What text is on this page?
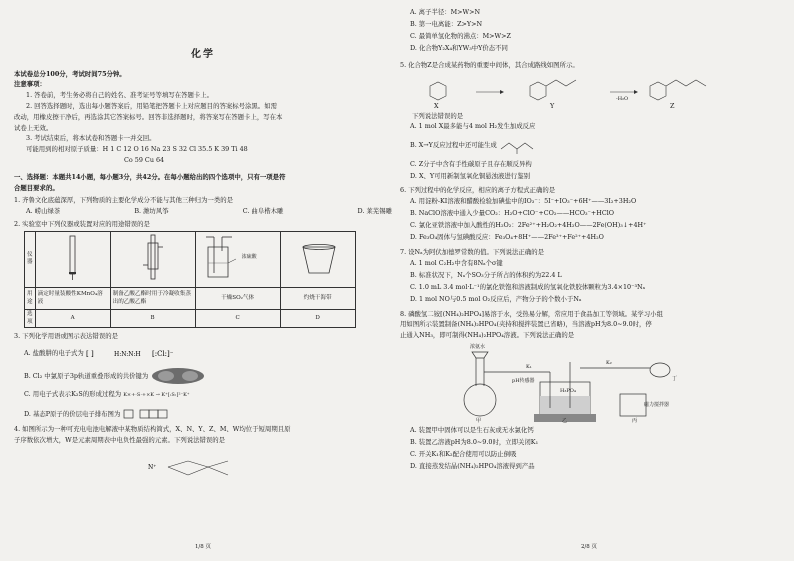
化学
本试卷总分100分，考试时间75分钟。
注意事项：
1. 答卷前，考生务必将自己的姓名、准考证号等填写在答题卡上。
2. 回答选择题时，选出每小题答案后，用铅笔把答题卡上对应题目的答案标号涂黑。如需
改动，用橡皮擦干净后，再选涂其它答案标号。回答非选择题时，将答案写在答题卡上，写在本
试卷上无效。
3. 考试结束后，将本试卷和答题卡一并交回。
可能用到的相对原子质量：H 1 C 12 O 16 Na 23 S 32 Cl 35.5 K 39 Ti 48
Co 59 Cu 64
一、选择题：本题共14小题，每小题3分，共42分。在每小题给出的四个选项中，只有一项是符
合题目要求的。
1. 齐鲁文化底蕴深厚，下列物质的主要化学成分不能与其他三种归为一类的是
A. 崂山绿茶	B. 潍坊风筝	C. 曲阜楷木雕	D. 莱芜锡雕
2. 实验室中下列仪器或装置对应的用途错误的是
仪器			浓硫酸

用途	滴定时量装酸性KMnO₄溶液	制备乙酸乙酯时用于冷凝收集蒸出的乙酸乙酯	干燥SO₂气体	灼烧干海带
选项	A	B	C	D
3. 下列化学用语或图示表达错误的是
A. 盐酸肼的电子式为 [ ]	H:N:N:H [:Cl:]⁻
B. Cl₂ 中氯原子3p轨道重叠形成的共价键为
C. 用电子式表示K₂S的形成过程为 K×+·S·+×K → K⁺[:S:]²⁻K⁺
D. 基态P原子的价层电子排布图为
4. 如图所示为一种可充电电池电解液中某物质结构简式，X、N、Y、Z、M、W均位于短周期且原
子序数依次增大，W是元素周期表中电负性最强的元素。下列说法错误的是
N⁺
1/8 页
A. 离子半径：M>W>N
B. 第一电离能：Z>Y>N
C. 最简单氢化物的沸点：M>W>Z
D. 化合物Y₂X₄和YW₃中Y价态不同
5. 化合物Z是合成某药物的重要中间体，其合成路线如图所示。
X	Y
-H₂O
Z
下列说法错误的是
A. 1 mol X最多能与4 mol H₂发生加成反应
B. X→Y反应过程中还可能生成
C. Z分子中含有手性碳原子且存在顺反异构
D. X、Y可用新制氢氧化铜悬浊液进行鉴别
6. 下列过程中的化学反应，相应的离子方程式正确的是
A. 用淀粉-KI溶液和醋酸检验加碘盐中的IO₃⁻：5I⁻+IO₃⁻+6H⁺——3I₂+3H₂O
B. NaClO溶液中通入少量CO₂：H₂O+ClO⁻+CO₂——HCO₃⁻+HClO
C. 氯化亚铁溶液中加入酸性的H₂O₂：2Fe²⁺+H₂O₂+4H₂O——2Fe(OH)₃↓+4H⁺
D. Fe₃O₄固体与氢碘酸反应：Fe₃O₄+8H⁺——2Fe³⁺+Fe²⁺+4H₂O
7. 设Nₐ为阿伏加德罗常数的值。下列说法正确的是
A. 1 mol C₂H₂中含有8Nₐ个σ键
B. 标准状况下，Nₐ个SO₃分子所占的体积约为22.4 L
C. 1.0 mL 3.4 mol·L⁻¹的氯化铁饱和溶液制成的氢氧化铁胶体颗粒为3.4×10⁻³Nₐ
D. 1 mol NO与0.5 mol O₂反应后，产物分子的个数小于Nₐ
8. 磷酸氢二铵[(NH₄)₂HPO₄]易溶于水，受热易分解，常应用于食品加工等领域。某学习小组
用如图所示装置制备(NH₄)₂HPO₄(夹持和搅拌装置已省略)，当溶液pH为8.0~9.0时，停
止通入NH₃，即可制得(NH₄)₂HPO₄溶液。下列说法正确的是
浓氨水
K₁
K₂
pH传感器
H₃PO₄
甲	乙	丙
丁
磁力搅拌器
A. 装置甲中固体可以是生石灰或无水氯化钙
B. 装置乙溶液pH为8.0~9.0时，立即关闭K₁
C. 开关K₁和K₂配合使用可以防止倒吸
D. 直接蒸发结晶(NH₄)₂HPO₄溶液得到产品
2/8 页
